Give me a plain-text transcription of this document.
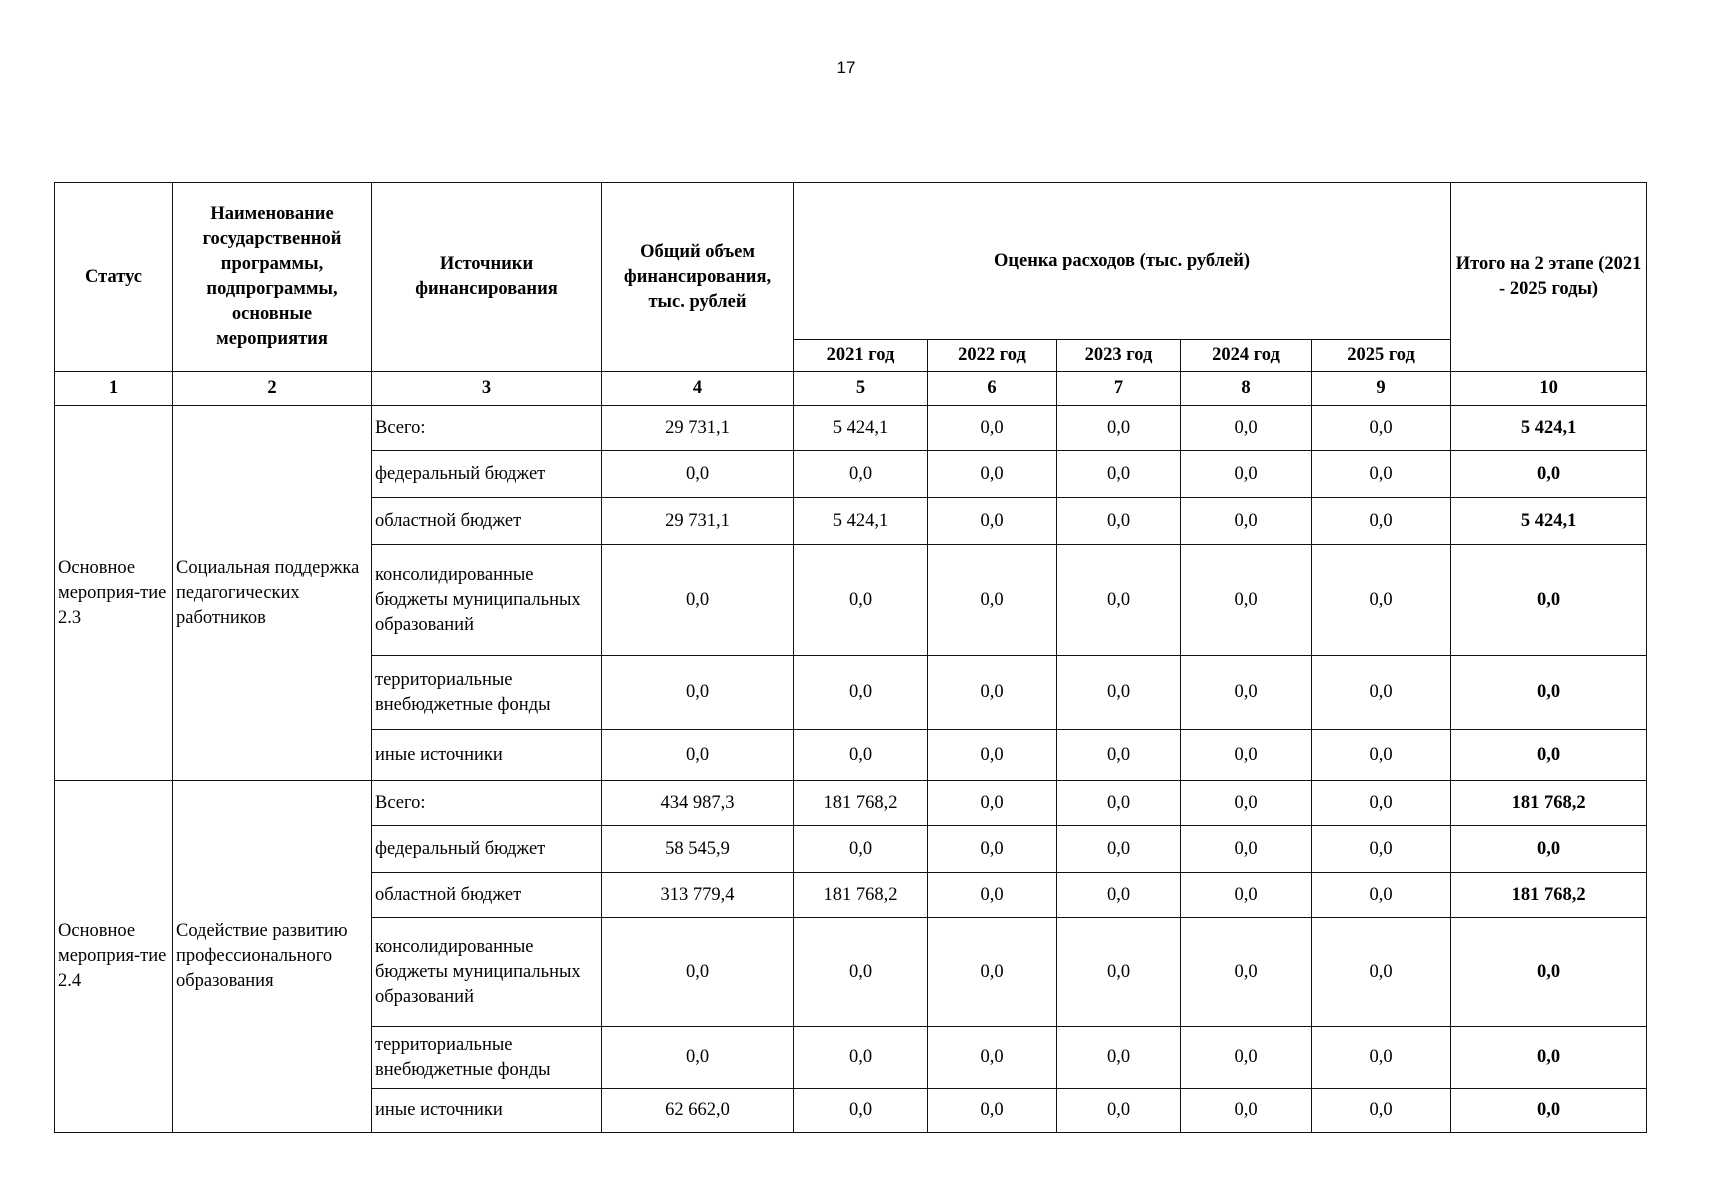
17
Статус	Наименование государственной программы, подпрограммы, основные мероприятия	Источники финансирования	Общий объем финансирования, тыс. рублей	Оценка расходов (тыс. рублей)					Итого на 2 этапе (2021 - 2025 годы)
				2021 год	2022 год	2023 год	2024 год	2025 год	
1	2	3	4	5	6	7	8	9	10
Основное мероприя-тие 2.3	Социальная поддержка педагогических работников	Всего:	29 731,1	5 424,1	0,0	0,0	0,0	0,0	5 424,1
		федеральный бюджет	0,0	0,0	0,0	0,0	0,0	0,0	0,0
		областной бюджет	29 731,1	5 424,1	0,0	0,0	0,0	0,0	5 424,1
		консолидированные бюджеты муниципальных образований	0,0	0,0	0,0	0,0	0,0	0,0	0,0
		территориальные внебюджетные фонды	0,0	0,0	0,0	0,0	0,0	0,0	0,0
		иные источники	0,0	0,0	0,0	0,0	0,0	0,0	0,0
Основное мероприя-тие 2.4	Содействие развитию профессионального образования	Всего:	434 987,3	181 768,2	0,0	0,0	0,0	0,0	181 768,2
		федеральный бюджет	58 545,9	0,0	0,0	0,0	0,0	0,0	0,0
		областной бюджет	313 779,4	181 768,2	0,0	0,0	0,0	0,0	181 768,2
		консолидированные бюджеты муниципальных образований	0,0	0,0	0,0	0,0	0,0	0,0	0,0
		территориальные внебюджетные фонды	0,0	0,0	0,0	0,0	0,0	0,0	0,0
		иные источники	62 662,0	0,0	0,0	0,0	0,0	0,0	0,0
